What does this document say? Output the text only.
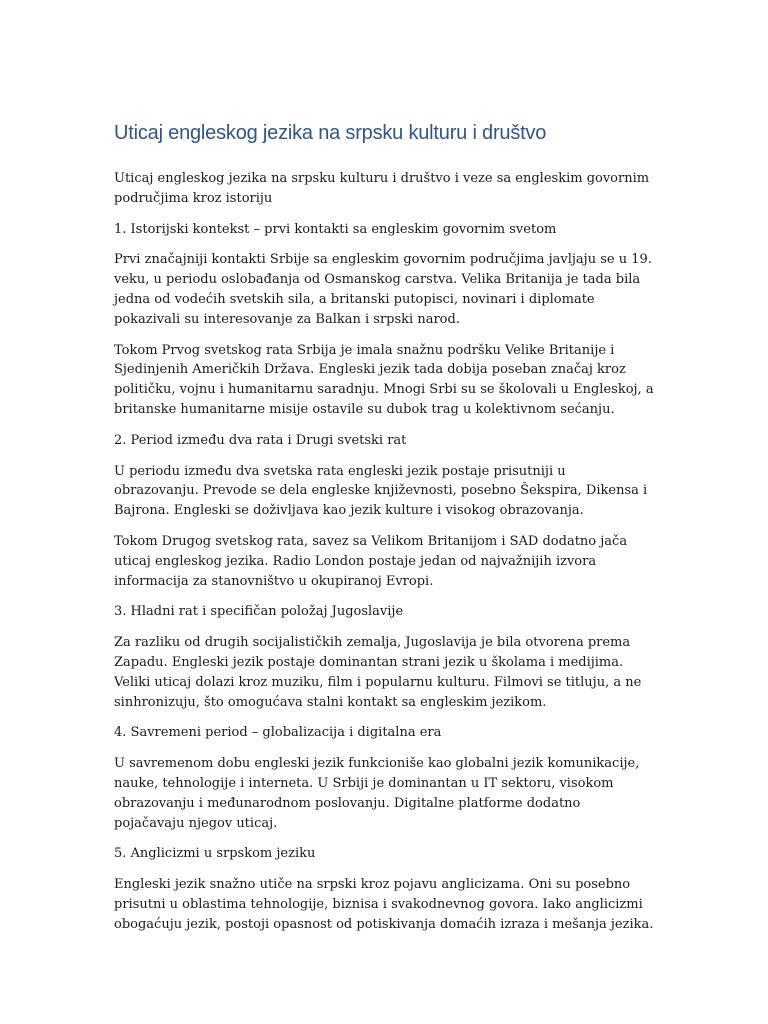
Uticaj engleskog jezika na srpsku kulturu i društvo

Uticaj engleskog jezika na srpsku kulturu i društvo i veze sa engleskim govornim područjima kroz istoriju

1. Istorijski kontekst – prvi kontakti sa engleskim govornim svetom

Prvi značajniji kontakti Srbije sa engleskim govornim područjima javljaju se u 19. veku, u periodu oslobađanja od Osmanskog carstva. Velika Britanija je tada bila jedna od vodećih svetskih sila, a britanski putopisci, novinari i diplomate pokazivali su interesovanje za Balkan i srpski narod.

Tokom Prvog svetskog rata Srbija je imala snažnu podršku Velike Britanije i Sjedinjenih Američkih Država. Engleski jezik tada dobija poseban značaj kroz političku, vojnu i humanitarnu saradnju. Mnogi Srbi su se školovali u Engleskoj, a britanske humanitarne misije ostavile su dubok trag u kolektivnom sećanju.

2. Period između dva rata i Drugi svetski rat

U periodu između dva svetska rata engleski jezik postaje prisutniji u obrazovanju. Prevode se dela engleske književnosti, posebno Šekspira, Dikensa i Bajrona. Engleski se doživljava kao jezik kulture i visokog obrazovanja.

Tokom Drugog svetskog rata, savez sa Velikom Britanijom i SAD dodatno jača uticaj engleskog jezika. Radio London postaje jedan od najvažnijih izvora informacija za stanovništvo u okupiranoj Evropi.

3. Hladni rat i specifičan položaj Jugoslavije

Za razliku od drugih socijalističkih zemalja, Jugoslavija je bila otvorena prema Zapadu. Engleski jezik postaje dominantan strani jezik u školama i medijima. Veliki uticaj dolazi kroz muziku, film i popularnu kulturu. Filmovi se titluju, a ne sinhronizuju, što omogućava stalni kontakt sa engleskim jezikom.

4. Savremeni period – globalizacija i digitalna era

U savremenom dobu engleski jezik funkcioniše kao globalni jezik komunikacije, nauke, tehnologije i interneta. U Srbiji je dominantan u IT sektoru, visokom obrazovanju i međunarodnom poslovanju. Digitalne platforme dodatno pojačavaju njegov uticaj.

5. Anglicizmi u srpskom jeziku

Engleski jezik snažno utiče na srpski kroz pojavu anglicizama. Oni su posebno prisutni u oblastima tehnologije, biznisa i svakodnevnog govora. Iako anglicizmi obogaćuju jezik, postoji opasnost od potiskivanja domaćih izraza i mešanja jezika.
